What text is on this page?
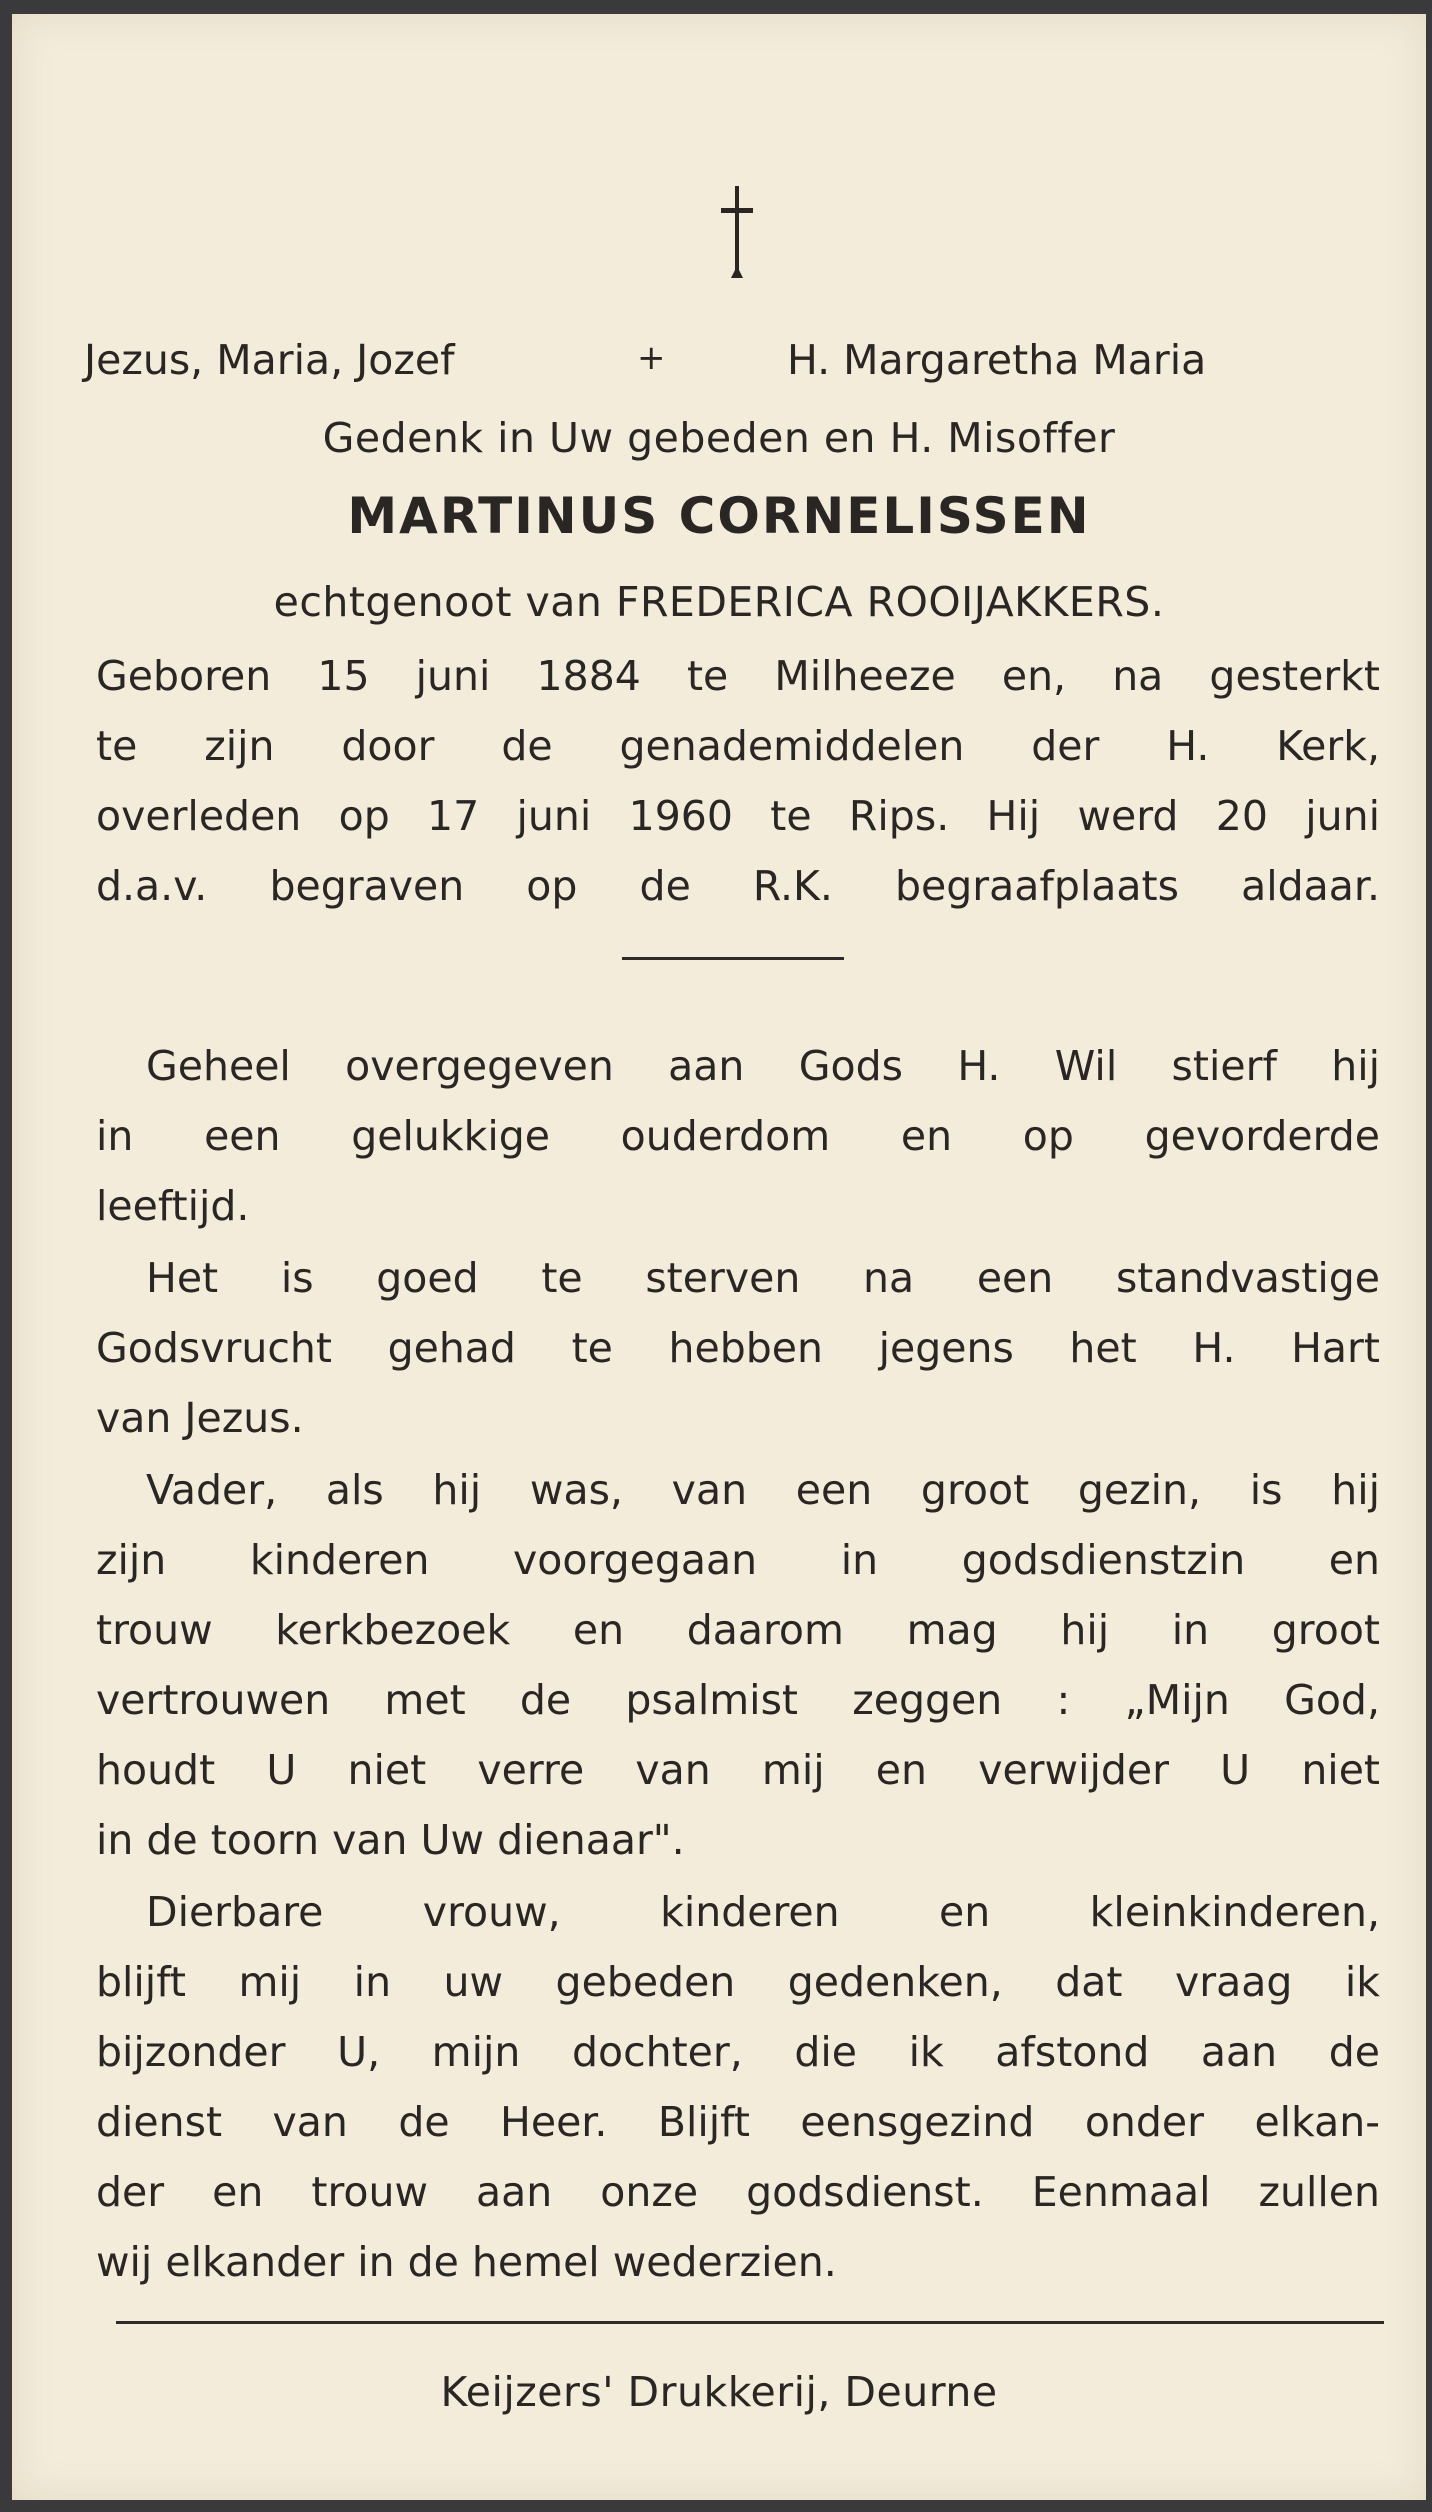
Jezus, Maria, Jozef	+	H. Margaretha Maria
Gedenk in Uw gebeden en H. Misoffer
MARTINUS CORNELISSEN
echtgenoot van FREDERICA ROOIJAKKERS.
Geboren 15 juni 1884 te Milheeze en, na gesterkt
te zijn door de genademiddelen der H. Kerk,
overleden op 17 juni 1960 te Rips. Hij werd 20 juni
d.a.v. begraven op de R.K. begraafplaats aldaar.
Geheel overgegeven aan Gods H. Wil stierf hij
in een gelukkige ouderdom en op gevorderde
leeftijd.
Het is goed te sterven na een standvastige
Godsvrucht gehad te hebben jegens het H. Hart
van Jezus.
Vader, als hij was, van een groot gezin, is hij
zijn kinderen voorgegaan in godsdienstzin en
trouw kerkbezoek en daarom mag hij in groot
vertrouwen met de psalmist zeggen : „Mijn God,
houdt U niet verre van mij en verwijder U niet
in de toorn van Uw dienaar".
Dierbare vrouw, kinderen en kleinkinderen,
blijft mij in uw gebeden gedenken, dat vraag ik
bijzonder U, mijn dochter, die ik afstond aan de
dienst van de Heer. Blijft eensgezind onder elkan-
der en trouw aan onze godsdienst. Eenmaal zullen
wij elkander in de hemel wederzien.
Keijzers' Drukkerij, Deurne
